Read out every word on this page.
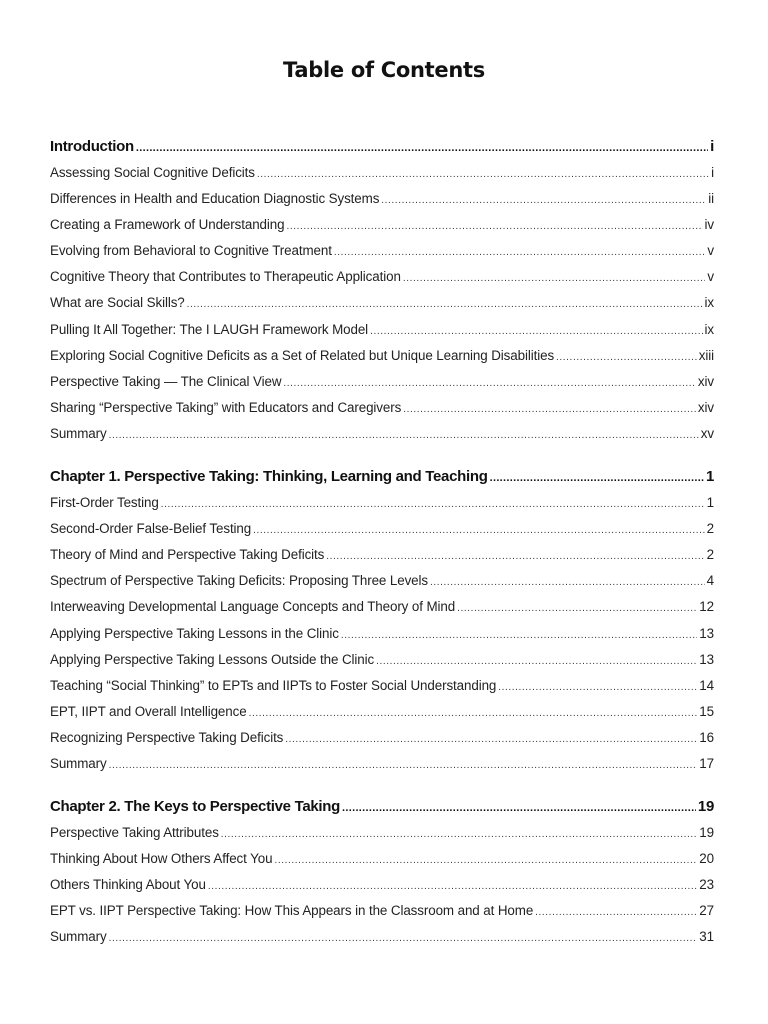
Table of Contents
Introduction .....	i
Assessing Social Cognitive Deficits .....	i
Differences in Health and Education Diagnostic Systems .....	ii
Creating a Framework of Understanding .....	iv
Evolving from Behavioral to Cognitive Treatment .....	v
Cognitive Theory that Contributes to Therapeutic Application .....	v
What are Social Skills? .....	ix
Pulling It All Together: The I LAUGH Framework Model .....	ix
Exploring Social Cognitive Deficits as a Set of Related but Unique Learning Disabilities .....	xiii
Perspective Taking — The Clinical View .....	xiv
Sharing “Perspective Taking” with Educators and Caregivers .....	xiv
Summary .....	xv
Chapter 1. Perspective Taking: Thinking, Learning and Teaching .....	1
First-Order Testing .....	1
Second-Order False-Belief Testing .....	2
Theory of Mind and Perspective Taking Deficits .....	2
Spectrum of Perspective Taking Deficits: Proposing Three Levels .....	4
Interweaving Developmental Language Concepts and Theory of Mind .....	12
Applying Perspective Taking Lessons in the Clinic .....	13
Applying Perspective Taking Lessons Outside the Clinic .....	13
Teaching “Social Thinking” to EPTs and IIPTs to Foster Social Understanding .....	14
EPT, IIPT and Overall Intelligence .....	15
Recognizing Perspective Taking Deficits .....	16
Summary .....	17
Chapter 2. The Keys to Perspective Taking .....	19
Perspective Taking Attributes .....	19
Thinking About How Others Affect You .....	20
Others Thinking About You .....	23
EPT vs. IIPT Perspective Taking: How This Appears in the Classroom and at Home .....	27
Summary .....	31
